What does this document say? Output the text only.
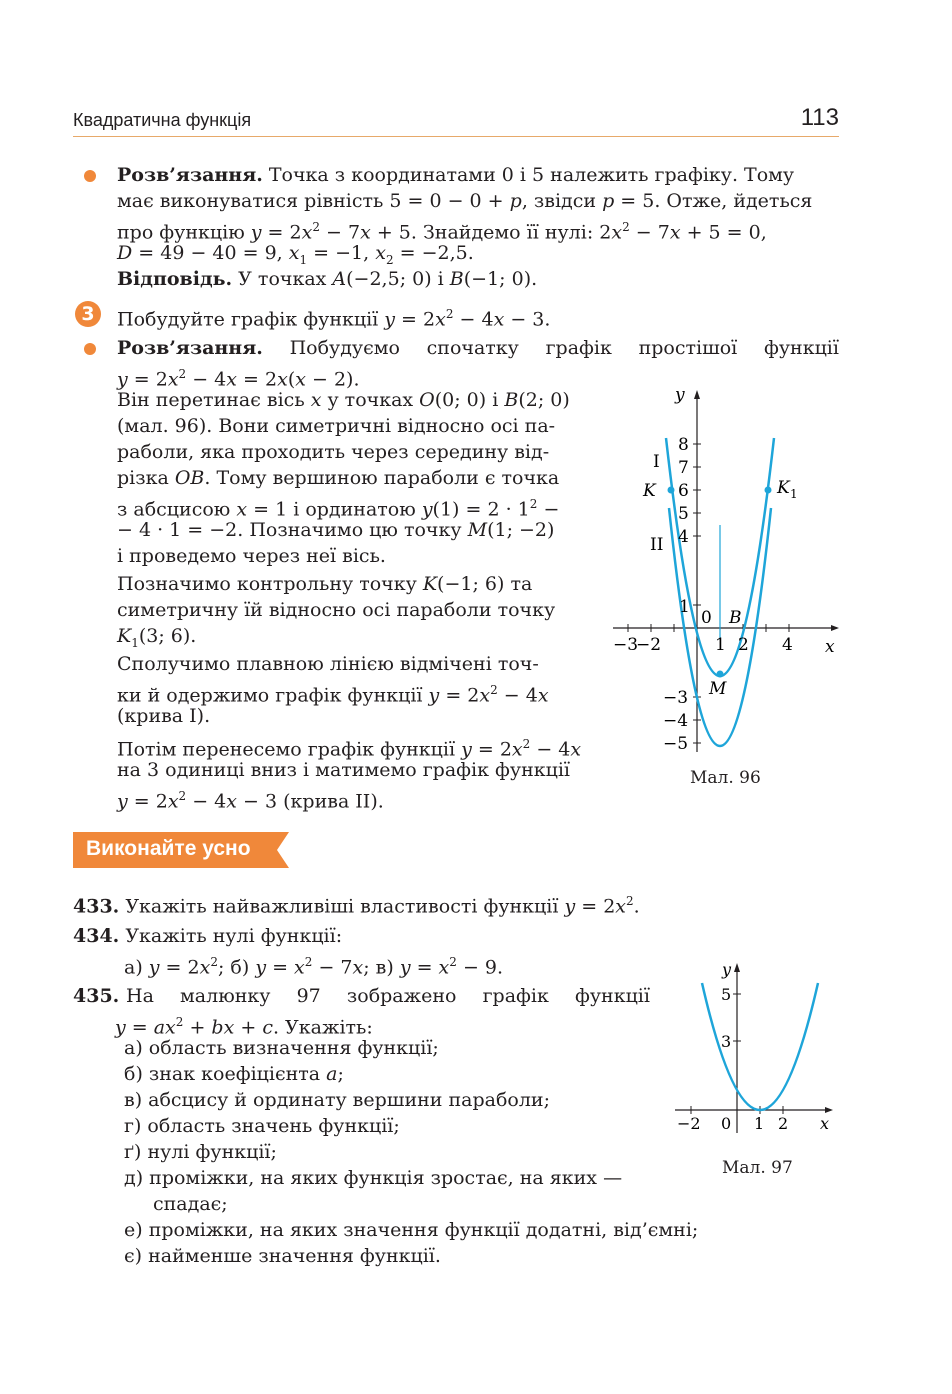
Квадратична функція	113
Розв’язання. Точка з координатами 0 і 5 належить графіку. Тому
має виконуватися рівність 5 = 0 − 0 + p, звідси p = 5. Отже, йдеться
про функцію $y = 2x^2 - 7x + 5$. Знайдемо її нулі: $2x^2 - 7x + 5 = 0$,
D = 49 − 40 = 9, $x_1 = -1$, $x_2 = -2,5$.
Відповідь. У точках A(−2,5; 0) і B(−1; 0).
3	Побудуйте графік функції $y = 2x^2 - 4x - 3$.
Розв’язання. Побудуємо спочатку графік простішої функції
$y = 2x^2 - 4x = 2x(x - 2)$.
Він перетинає вісь x у точках O(0; 0) і B(2; 0)
(мал. 96). Вони симетричні відносно осі па-
раболи, яка проходить через середину від-
різка OB. Тому вершиною параболи є точка
з абсцисою x = 1 і ординатою $y(1) = 2 \cdot 1^2$ −
− 4 · 1 = −2. Позначимо цю точку M(1; −2)
і проведемо через неї вісь.
Позначимо контрольну точку K(−1; 6) та
симетричну їй відносно осі параболи точку
$K_1(3$; 6).
Сполучимо плавною лінією відмічені точ-
ки й одержимо графік функції $y = 2x^2 - 4x$
(крива I).
Потім перенесемо графік функції $y = 2x^2 - 4x$
на 3 одиниці вниз і матимемо графік функції
$y = 2x^2 - 4x - 3$ (крива II).
y
x
8
7
6
5
4
1
−3
−4
−5
−3
−2	1 2 4
0
I
II
K	K 1
B
M
Мал. 96
Виконайте усно
433. Укажіть найважливіші властивості функції $y = 2x^2$.
434. Укажіть нулі функції:
а) $y = 2x^2$; б) $y = x^2 - 7x$; в) $y = x^2 - 9$.
435. На малюнку 97 зображено графік функції
$y = ax^2$ + bx + c. Укажіть:
а) область визначення функції;
б) знак коефіцієнта a;
в) абсцису й ординату вершини параболи;
г) область значень функції;
ґ) нулі функції;
д) проміжки, на яких функція зростає, на яких —
спадає;
е) проміжки, на яких значення функції додатні, від’ємні;
є) найменше значення функції.
y
x
5
3
−2 0 1 2
Мал. 97
